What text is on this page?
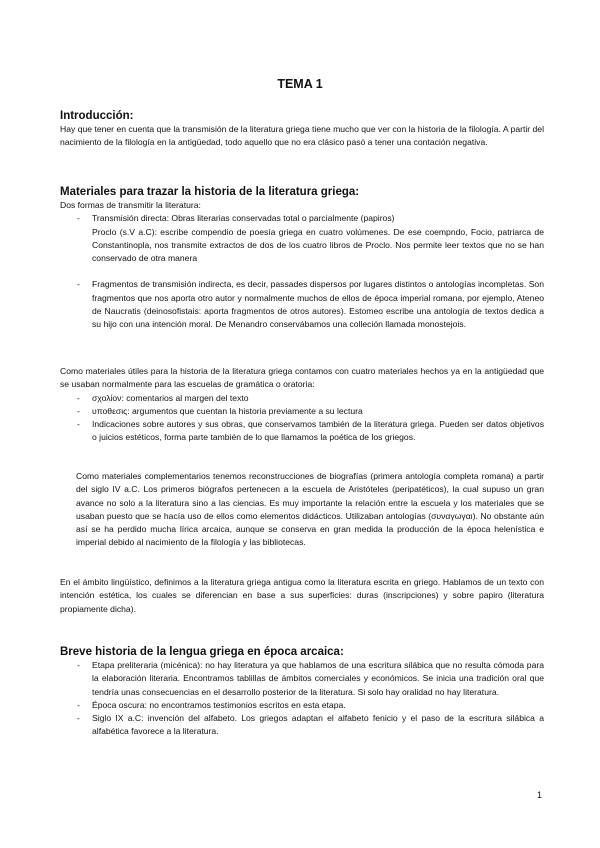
TEMA 1
Introducción:

Hay que tener en cuenta que la transmisión de la literatura griega tiene mucho que ver con la historia de la filología. A partir del nacimiento de la filología en la antigüedad, todo aquello que no era clásico pasó a tener una contación negativa.

Materiales para trazar la historia de la literatura griega:

Dos formas de transmitir la literatura:

- Transmisión directa: Obras literarias conservadas total o parcialmente (papiros)
Proclo (s.V a.C): escribe compendio de poesía griega en cuatro volúmenes. De ese coempndo, Focio, patriarca de Constantinopla, nos transmite extractos de dos de los cuatro libros de Proclo. Nos permite leer textos que no se han conservado de otra manera
- Fragmentos de transmisión indirecta, es decir, passades dispersos por lugares distintos o antologías incompletas. Son fragmentos que nos aporta otro autor y normalmente muchos de ellos de época imperial romana, por ejemplo, Ateneo de Naucratis (deinosofistais: aporta fragmentos de otros autores). Estomeo escribe una antología de textos dedica a su hijo con una intención moral. De Menandro conservábamos una colleción llamada monostejois.

Como materiales útiles para la historia de la literatura griega contamos con cuatro materiales hechos ya en la antigüedad que se usaban normalmente para las escuelas de gramática o oratoria:

- σχολίον: comentarios al margen del texto
- υποθεσις: argumentos que cuentan la historia previamente a su lectura
- Indicaciones sobre autores y sus obras, que conservamos también de la literatura griega. Pueden ser datos objetivos o juicios estéticos, forma parte también de lo que llamamos la poética de los griegos.

Como materiales complementarios tenemos reconstrucciones de biografías (primera antología completa romana) a partir del siglo IV a.C. Los primeros biógrafos pertenecen a la escuela de Aristóteles (peripatéticos), la cual supuso un gran avance no solo a la literatura sino a las ciencias. Es muy importante la relación entre la escuela y los materiales que se usaban puesto que se hacía uso de ellos como elementos didácticos. Utilizaban antologías (συναγωγαι). No obstante aún así se ha perdido mucha lírica arcaica, aunque se conserva en gran medida la producción de la época helenística e imperial debido al nacimiento de la filología y las bibliotecas.

En el ámbito lingüístico, definimos a la literatura griega antigua como la literatura escrita en griego. Hablamos de un texto con intención estética, los cuales se diferencian en base a sus superficies: duras (inscripciones) y sobre papiro (literatura propiamente dicha).

Breve historia de la lengua griega en época arcaica:
- Etapa preliteraria (micénica): no hay literatura ya que hablamos de una escritura silábica que no resulta cómoda para la elaboración literaria. Encontramos tablillas de ámbitos comerciales y económicos. Se inicia una tradición oral que tendría unas consecuencias en el desarrollo posterior de la literatura. Si solo hay oralidad no hay literatura.
- Época oscura: no encontramos testimonios escritos en esta etapa.
- Siglo IX a.C: invención del alfabeto. Los griegos adaptan el alfabeto fenicio y el paso de la escritura silábica a alfabética favorece a la literatura.
1
